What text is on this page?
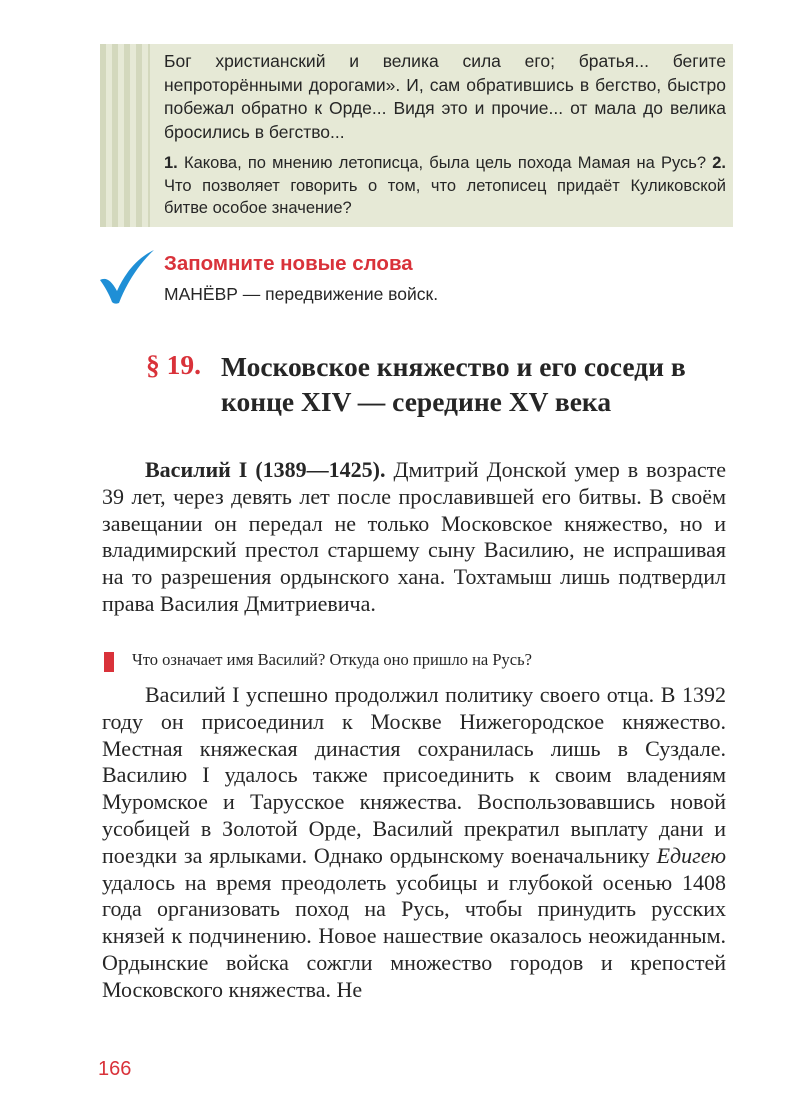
Бог христианский и велика сила его; братья... бегите непроторёнными дорогами». И, сам обратившись в бегство, быстро побежал обратно к Орде... Видя это и прочие... от мала до велика бросились в бегство...

1. Какова, по мнению летописца, была цель похода Мамая на Русь? 2. Что позволяет говорить о том, что летописец придаёт Куликовской битве особое значение?

Запомните новые слова

МАНЁВР — передвижение войск.

§ 19. Московское княжество и его соседи в конце XIV — середине XV века

Василий I (1389—1425). Дмитрий Донской умер в возрасте 39 лет, через девять лет после прославившей его битвы. В своём завещании он передал не только Московское княжество, но и владимирский престол старшему сыну Василию, не испрашивая на то разрешения ордынского хана. Тохтамыш лишь подтвердил права Василия Дмитриевича.

Что означает имя Василий? Откуда оно пришло на Русь?

Василий I успешно продолжил политику своего отца. В 1392 году он присоединил к Москве Нижегородское княжество. Местная княжеская династия сохранилась лишь в Суздале. Василию I удалось также присоединить к своим владениям Муромское и Тарусское княжества. Воспользовавшись новой усобицей в Золотой Орде, Василий прекратил выплату дани и поездки за ярлыками. Однако ордынскому военачальнику Едигею удалось на время преодолеть усобицы и глубокой осенью 1408 года организовать поход на Русь, чтобы принудить русских князей к подчинению. Новое нашествие оказалось неожиданным. Ордынские войска сожгли множество городов и крепостей Московского княжества. Не

166
